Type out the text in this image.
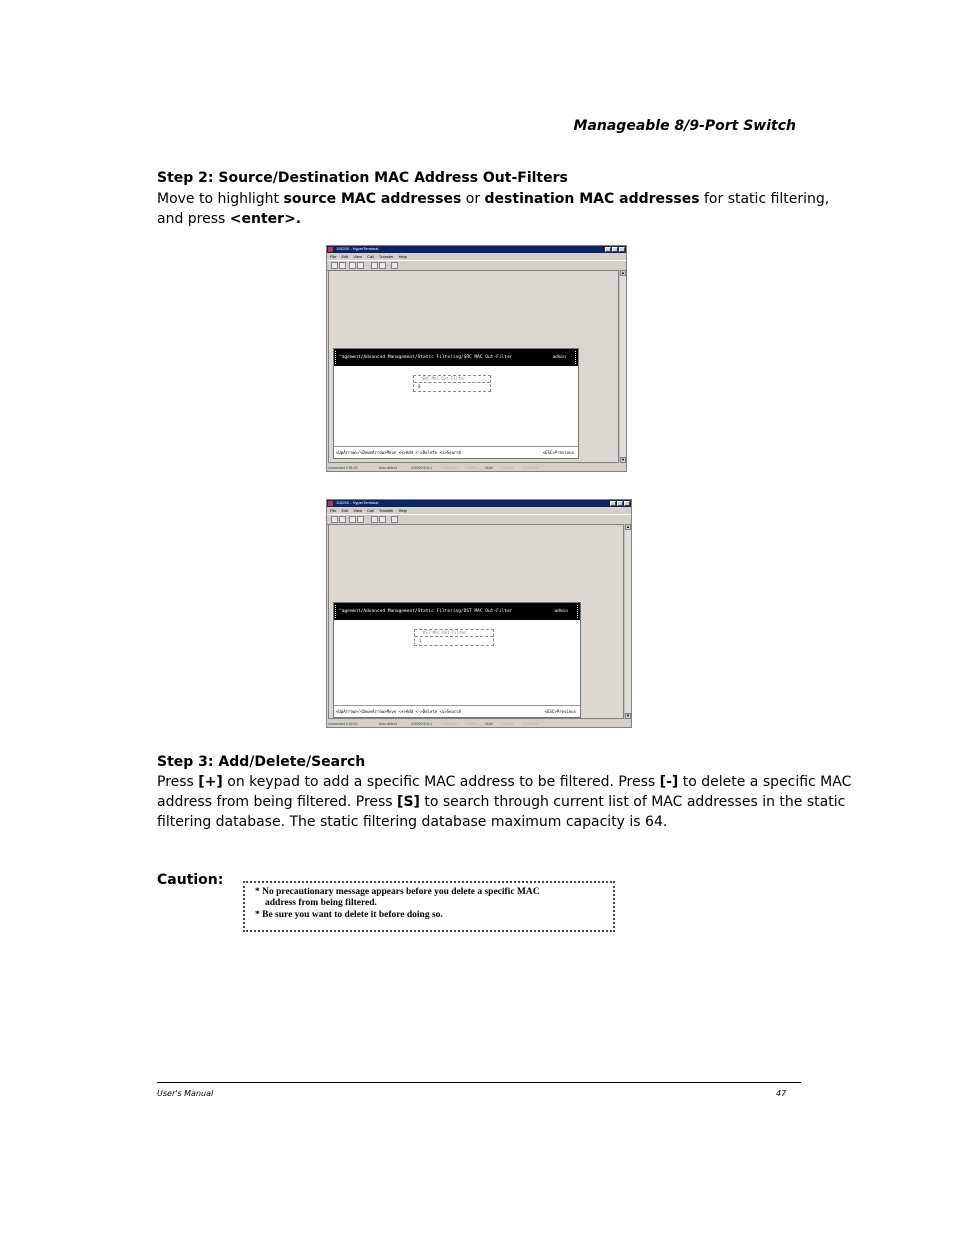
Manageable 8/9-Port Switch
Step 2: Source/Destination MAC Address Out-Filters
Move to highlight source MAC addresses or destination MAC addresses for static filtering,
and press <enter>.
115200 - HyperTerminal
File Edit View Call Transfer Help
^agement/Advanced Management/Static Filtering/SRC MAC Out-Filter	admin
SRC MAC Out-Filter
0
<UpArrow>/<DownArrow>Move <+>Add <->Delete <s>Search	<ESC>Previous
▲
▼
Connected 2:01:03	Auto detect	115200 8-N-1	SCROLL CAPS NUM Capture	Print echo
115200 - HyperTerminal
File Edit View Call Transfer Help
^agement/Advanced Management/Static Filtering/DST MAC Out-Filter	admin
DST MAC Out-Filter
1
<UpArrow>/<DownArrow>Move <+>Add <->Delete <s>Search	<ESC>Previous
▲
▼
Connected 2:02:02	Auto detect	115200 8-N-1	SCROLL CAPS NUM Capture	Print echo
Step 3: Add/Delete/Search
Press [+] on keypad to add a specific MAC address to be filtered. Press [-] to delete a specific MAC
address from being filtered. Press [S] to search through current list of MAC addresses in the static
filtering database. The static filtering database maximum capacity is 64.
Caution:
* No precautionary message appears before you delete a specific MAC
address from being filtered.
* Be sure you want to delete it before doing so.
User's Manual	47
